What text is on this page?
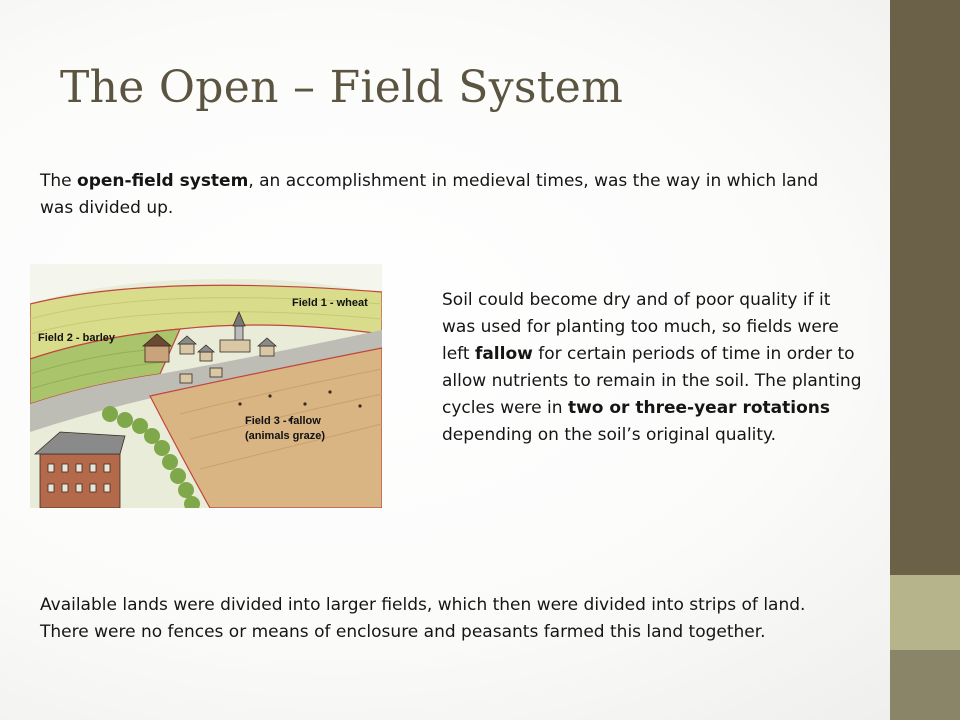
The Open – Field System

The open-field system, an accomplishment in medieval times, was the way in which land was divided up.

Field 1 - wheat
Field 2 - barley
Field 3 - fallow
(animals graze)

Soil could become dry and of poor quality if it was used for planting too much, so fields were left fallow for certain periods of time in order to allow nutrients to remain in the soil. The planting cycles were in two or three-year rotations depending on the soil’s original quality.

Available lands were divided into larger fields, which then were divided into strips of land. There were no fences or means of enclosure and peasants farmed this land together.
